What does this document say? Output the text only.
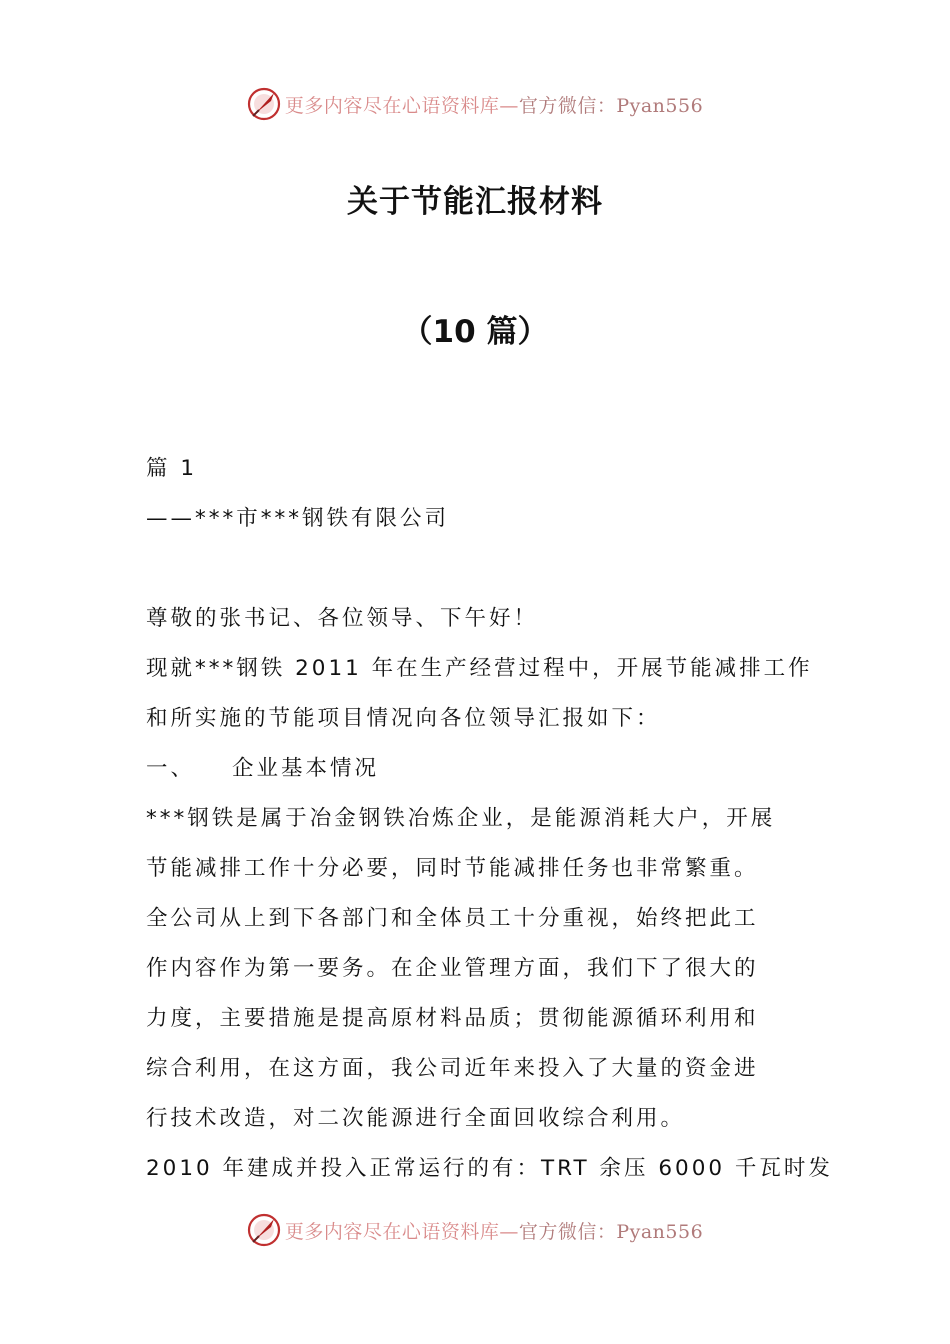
更多内容尽在心语资料库—官方微信：Pyan556
关于节能汇报材料
（10 篇）
篇 1
——***市***钢铁有限公司
尊敬的张书记、各位领导、下午好！
现就***钢铁 2011 年在生产经营过程中，开展节能减排工作
和所实施的节能项目情况向各位领导汇报如下：
一、 企业基本情况
***钢铁是属于冶金钢铁冶炼企业，是能源消耗大户，开展
节能减排工作十分必要，同时节能减排任务也非常繁重。
全公司从上到下各部门和全体员工十分重视，始终把此工
作内容作为第一要务。在企业管理方面，我们下了很大的
力度，主要措施是提高原材料品质；贯彻能源循环利用和
综合利用，在这方面，我公司近年来投入了大量的资金进
行技术改造，对二次能源进行全面回收综合利用。
2010 年建成并投入正常运行的有：TRT 余压 6000 千瓦时发
更多内容尽在心语资料库—官方微信：Pyan556
